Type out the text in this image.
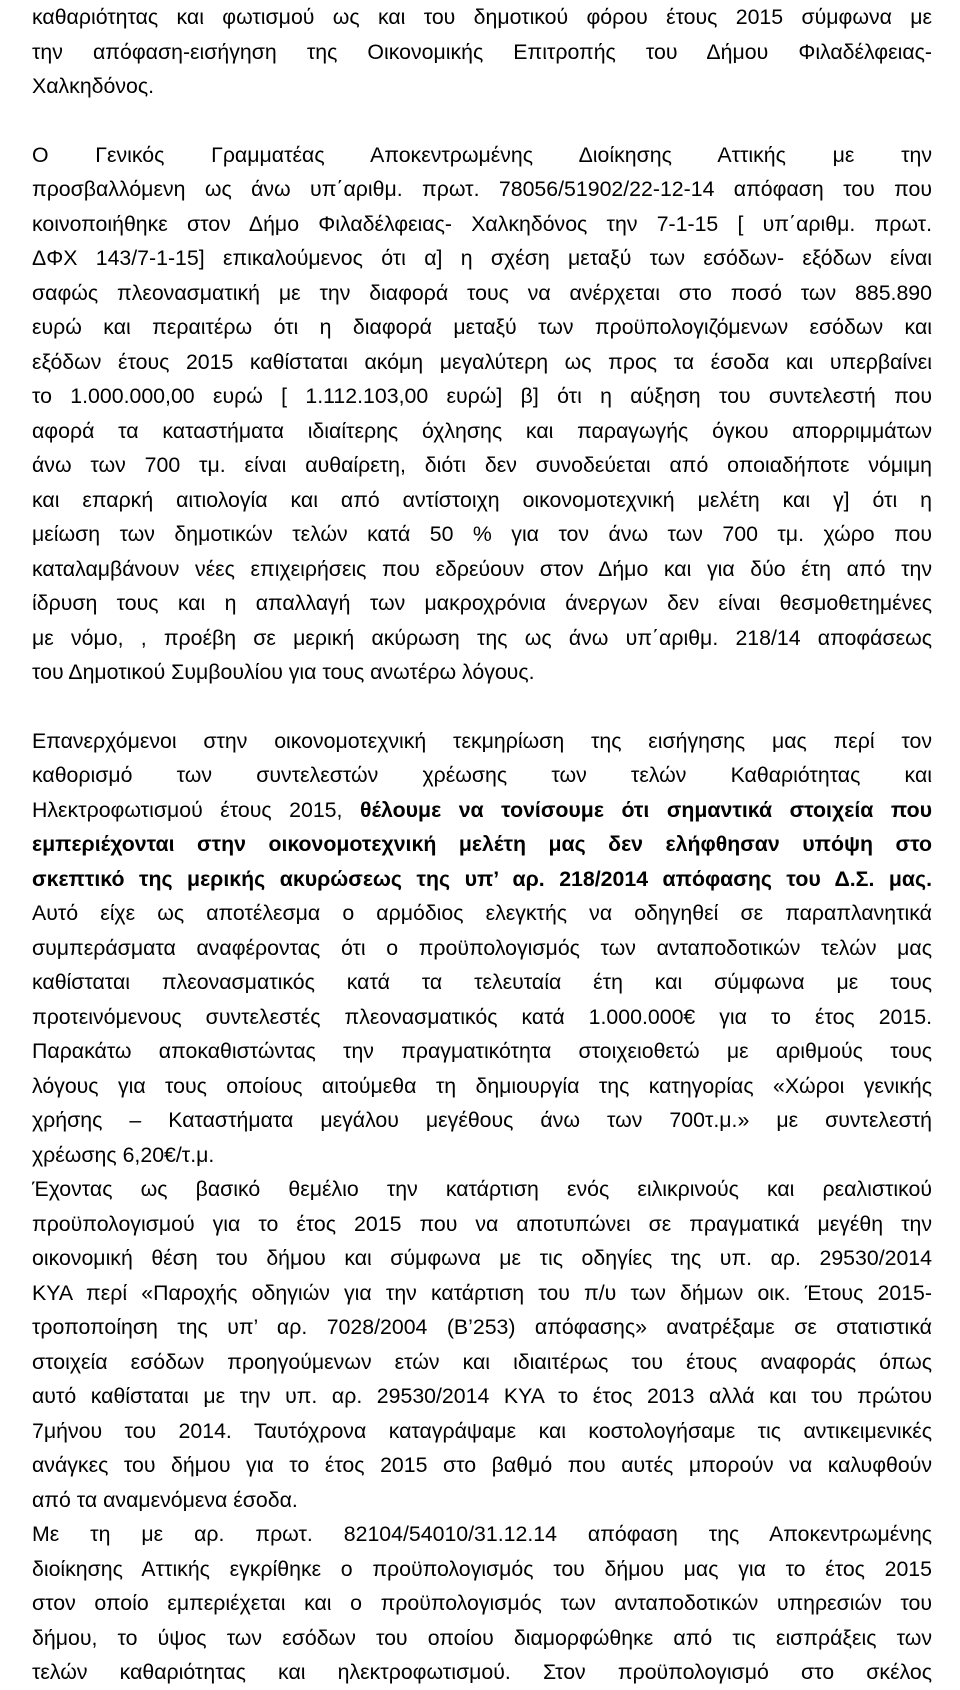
καθαριότητας και φωτισμού ως και του δημοτικού φόρου έτους 2015 σύμφωνα με
την απόφαση-εισήγηση της Οικονομικής Επιτροπής του Δήμου Φιλαδέλφειας-
Χαλκηδόνος.
Ο Γενικός Γραμματέας Αποκεντρωμένης Διοίκησης Αττικής με την
προσβαλλόμενη ως άνω υπ΄αριθμ. πρωτ. 78056/51902/22-12-14 απόφαση του που
κοινοποιήθηκε στον Δήμο Φιλαδέλφειας- Χαλκηδόνος την 7-1-15 [ υπ΄αριθμ. πρωτ.
ΔΦΧ 143/7-1-15] επικαλούμενος ότι α] η σχέση μεταξύ των εσόδων- εξόδων είναι
σαφώς πλεονασματική με την διαφορά τους να ανέρχεται στο ποσό των 885.890
ευρώ και περαιτέρω ότι η διαφορά μεταξύ των προϋπολογιζόμενων εσόδων και
εξόδων έτους 2015 καθίσταται ακόμη μεγαλύτερη ως προς τα έσοδα και υπερβαίνει
το 1.000.000,00 ευρώ [ 1.112.103,00 ευρώ] β] ότι η αύξηση του συντελεστή που
αφορά τα καταστήματα ιδιαίτερης όχλησης και παραγωγής όγκου απορριμμάτων
άνω των 700 τμ. είναι αυθαίρετη, διότι δεν συνοδεύεται από οποιαδήποτε νόμιμη
και επαρκή αιτιολογία και από αντίστοιχη οικονομοτεχνική μελέτη και γ] ότι η
μείωση των δημοτικών τελών κατά 50 % για τον άνω των 700 τμ. χώρο που
καταλαμβάνουν νέες επιχειρήσεις που εδρεύουν στον Δήμο και για δύο έτη από την
ίδρυση τους και η απαλλαγή των μακροχρόνια άνεργων δεν είναι θεσμοθετημένες
με νόμο, , προέβη σε μερική ακύρωση της ως άνω υπ΄αριθμ. 218/14 αποφάσεως
του Δημοτικού Συμβουλίου για τους ανωτέρω λόγους.
Επανερχόμενοι στην οικονομοτεχνική τεκμηρίωση της εισήγησης μας περί τον
καθορισμό των συντελεστών χρέωσης των τελών Καθαριότητας και
Ηλεκτροφωτισμού έτους 2015, θέλουμε να τονίσουμε ότι σημαντικά στοιχεία που
εμπεριέχονται στην οικονομοτεχνική μελέτη μας δεν ελήφθησαν υπόψη στο
σκεπτικό της μερικής ακυρώσεως της υπ’ αρ. 218/2014 απόφασης του Δ.Σ. μας.
Αυτό είχε ως αποτέλεσμα ο αρμόδιος ελεγκτής να οδηγηθεί σε παραπλανητικά
συμπεράσματα αναφέροντας ότι ο προϋπολογισμός των ανταποδοτικών τελών μας
καθίσταται πλεονασματικός κατά τα τελευταία έτη και σύμφωνα με τους
προτεινόμενους συντελεστές πλεονασματικός κατά 1.000.000€ για το έτος 2015.
Παρακάτω αποκαθιστώντας την πραγματικότητα στοιχειοθετώ με αριθμούς τους
λόγους για τους οποίους αιτούμεθα τη δημιουργία της κατηγορίας «Χώροι γενικής
χρήσης – Καταστήματα μεγάλου μεγέθους άνω των 700τ.μ.» με συντελεστή
χρέωσης 6,20€/τ.μ.
Έχοντας ως βασικό θεμέλιο την κατάρτιση ενός ειλικρινούς και ρεαλιστικού
προϋπολογισμού για το έτος 2015 που να αποτυπώνει σε πραγματικά μεγέθη την
οικονομική θέση του δήμου και σύμφωνα με τις οδηγίες της υπ. αρ. 29530/2014
ΚΥΑ περί «Παροχής οδηγιών για την κατάρτιση του π/υ των δήμων οικ. Έτους 2015-
τροποποίηση της υπ’ αρ. 7028/2004 (Β’253) απόφασης» ανατρέξαμε σε στατιστικά
στοιχεία εσόδων προηγούμενων ετών και ιδιαιτέρως του έτους αναφοράς όπως
αυτό καθίσταται με την υπ. αρ. 29530/2014 ΚΥΑ το έτος 2013 αλλά και του πρώτου
7μήνου του 2014. Ταυτόχρονα καταγράψαμε και κοστολογήσαμε τις αντικειμενικές
ανάγκες του δήμου για το έτος 2015 στο βαθμό που αυτές μπορούν να καλυφθούν
από τα αναμενόμενα έσοδα.
Με τη με αρ. πρωτ. 82104/54010/31.12.14 απόφαση της Αποκεντρωμένης
διοίκησης Αττικής εγκρίθηκε ο προϋπολογισμός του δήμου μας για το έτος 2015
στον οποίο εμπεριέχεται και ο προϋπολογισμός των ανταποδοτικών υπηρεσιών του
δήμου, το ύψος των εσόδων του οποίου διαμορφώθηκε από τις εισπράξεις των
τελών καθαριότητας και ηλεκτροφωτισμού. Στον προϋπολογισμό στο σκέλος
